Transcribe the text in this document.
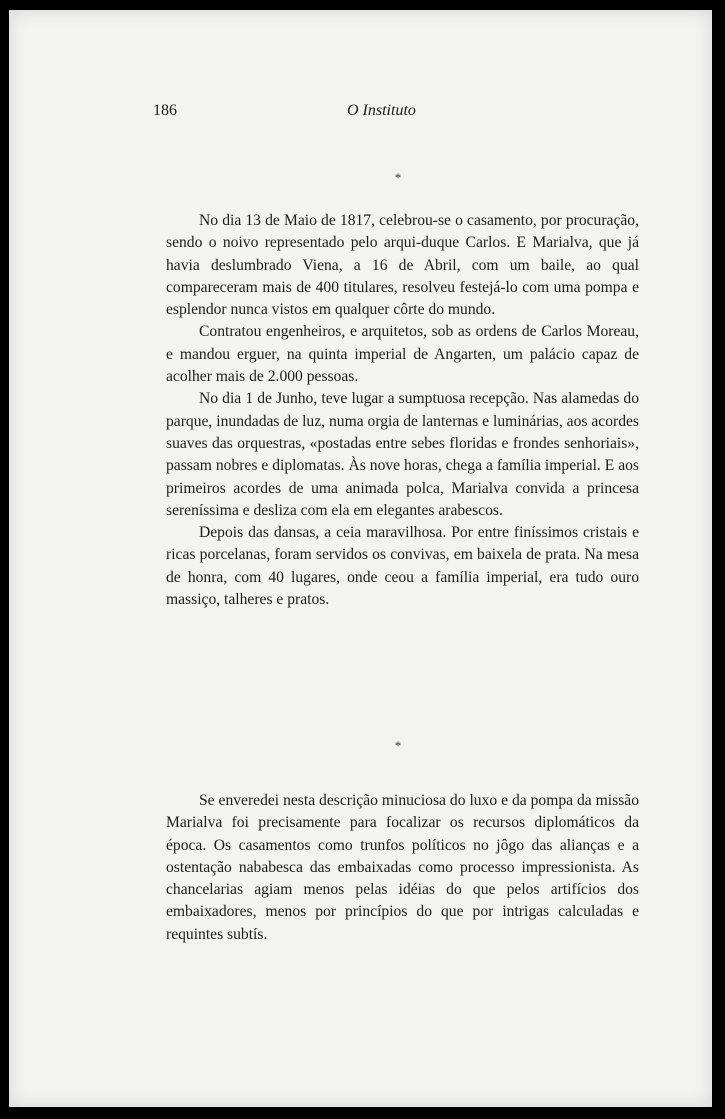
186	O Instituto
*

No dia 13 de Maio de 1817, celebrou-se o casamento, por procuração, sendo o noivo representado pelo arqui-duque Carlos. E Marialva, que já havia deslumbrado Viena, a 16 de Abril, com um baile, ao qual compareceram mais de 400 titulares, resolveu festejá-lo com uma pompa e esplendor nunca vistos em qualquer côrte do mundo.

Contratou engenheiros, e arquitetos, sob as ordens de Carlos Moreau, e mandou erguer, na quinta imperial de Angarten, um palácio capaz de acolher mais de 2.000 pessoas.

No dia 1 de Junho, teve lugar a sumptuosa recepção. Nas alamedas do parque, inundadas de luz, numa orgia de lanternas e luminárias, aos acordes suaves das orquestras, «postadas entre sebes floridas e frondes senhoriais», passam nobres e diplomatas. Às nove horas, chega a família imperial. E aos primeiros acordes de uma animada polca, Marialva convida a princesa sereníssima e desliza com ela em elegantes arabescos.

Depois das dansas, a ceia maravilhosa. Por entre finíssimos cristais e ricas porcelanas, foram servidos os convivas, em baixela de prata. Na mesa de honra, com 40 lugares, onde ceou a família imperial, era tudo ouro massiço, talheres e pratos.

*

Se enveredei nesta descrição minuciosa do luxo e da pompa da missão Marialva foi precisamente para focalizar os recursos diplomáticos da época. Os casamentos como trunfos políticos no jôgo das alianças e a ostentação nababesca das embaixadas como processo impressionista. As chancelarias agiam menos pelas idéias do que pelos artifícios dos embaixadores, menos por princípios do que por intrigas calculadas e requintes subtís.
